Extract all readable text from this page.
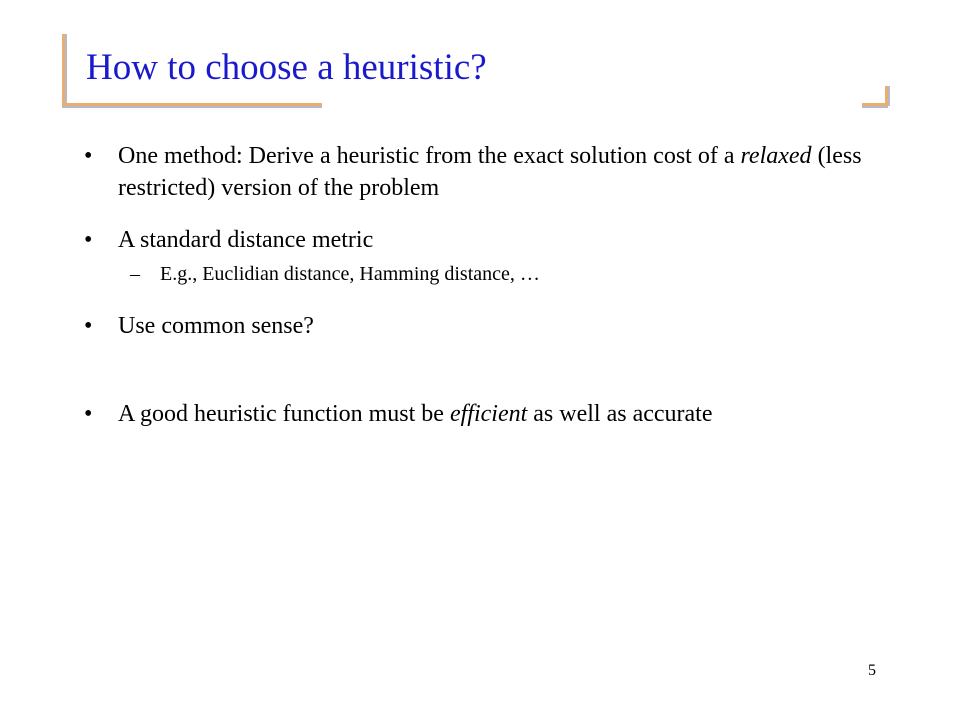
How to choose a heuristic?
• One method: Derive a heuristic from the exact solution cost of a relaxed (less restricted) version of the problem
• A standard distance metric
– E.g., Euclidian distance, Hamming distance, …
• Use common sense?
• A good heuristic function must be efficient as well as accurate
5
